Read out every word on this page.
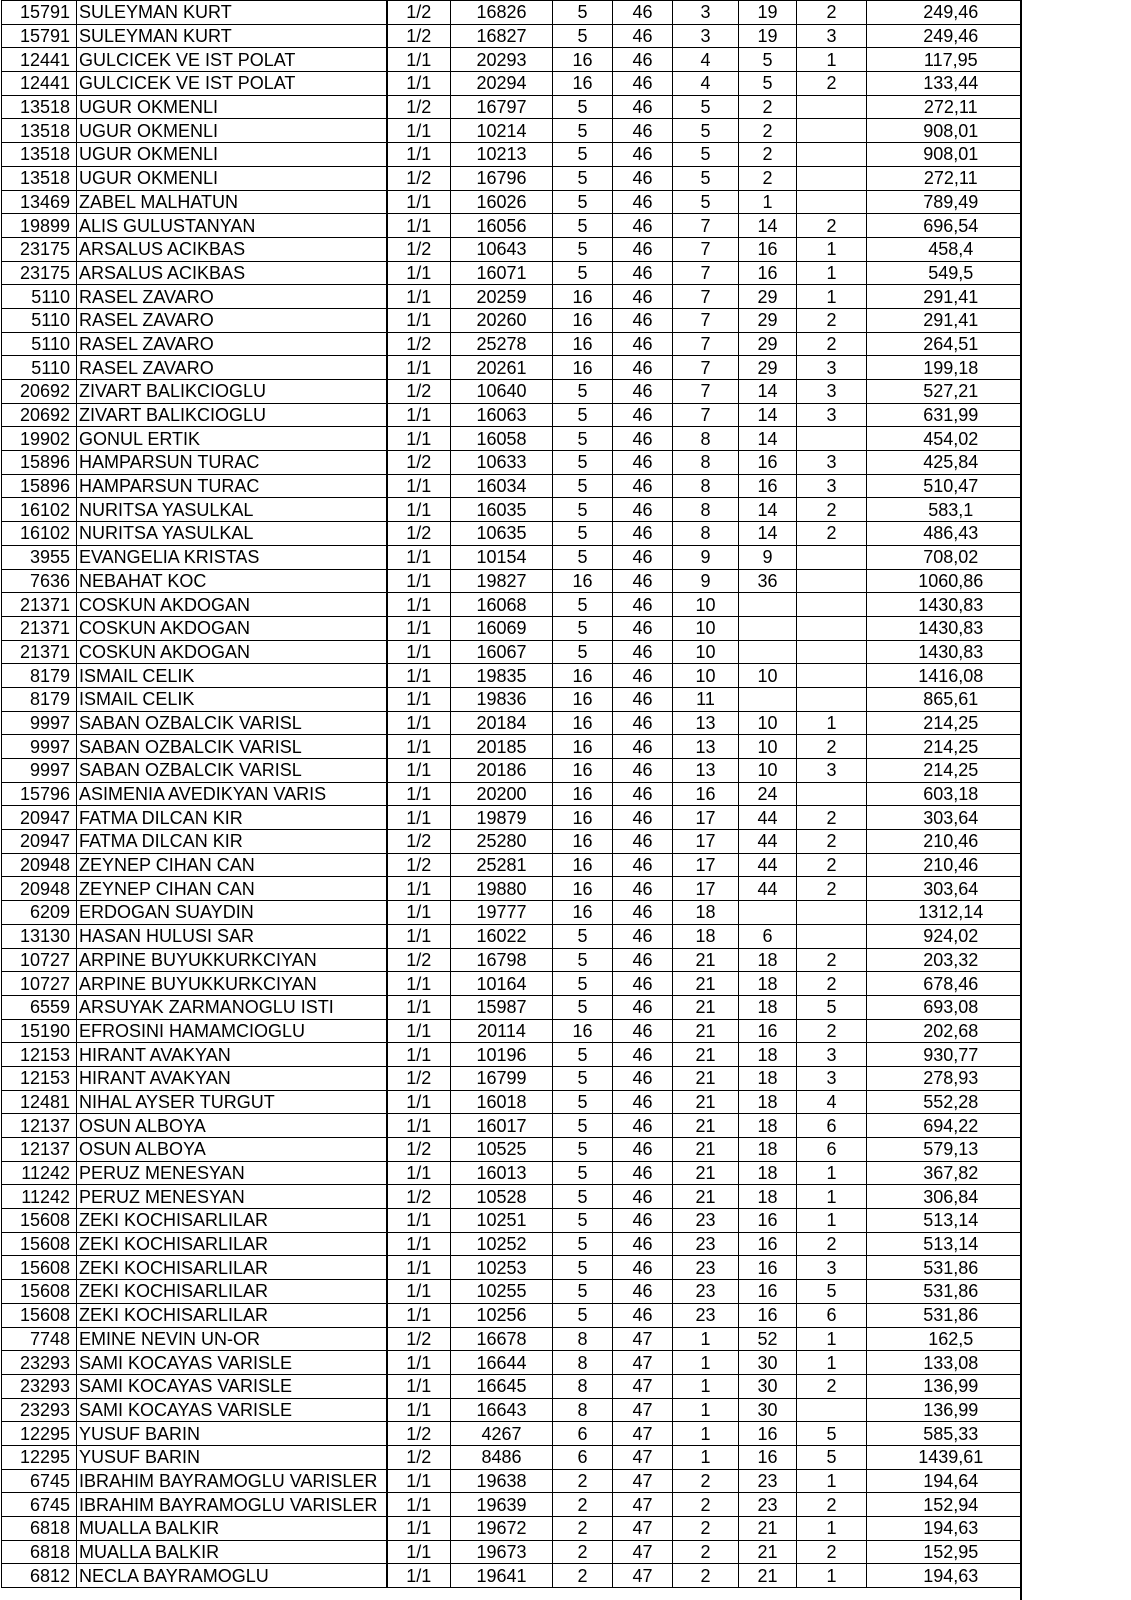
15791	SULEYMAN KURT	1/2	16826	5	46	3	19	2	249,46
15791	SULEYMAN KURT	1/2	16827	5	46	3	19	3	249,46
12441	GULCICEK VE IST POLAT	1/1	20293	16	46	4	5	1	117,95
12441	GULCICEK VE IST POLAT	1/1	20294	16	46	4	5	2	133,44
13518	UGUR OKMENLI	1/2	16797	5	46	5	2		272,11
13518	UGUR OKMENLI	1/1	10214	5	46	5	2		908,01
13518	UGUR OKMENLI	1/1	10213	5	46	5	2		908,01
13518	UGUR OKMENLI	1/2	16796	5	46	5	2		272,11
13469	ZABEL MALHATUN	1/1	16026	5	46	5	1		789,49
19899	ALIS GULUSTANYAN	1/1	16056	5	46	7	14	2	696,54
23175	ARSALUS ACIKBAS	1/2	10643	5	46	7	16	1	458,4
23175	ARSALUS ACIKBAS	1/1	16071	5	46	7	16	1	549,5
5110	RASEL ZAVARO	1/1	20259	16	46	7	29	1	291,41
5110	RASEL ZAVARO	1/1	20260	16	46	7	29	2	291,41
5110	RASEL ZAVARO	1/2	25278	16	46	7	29	2	264,51
5110	RASEL ZAVARO	1/1	20261	16	46	7	29	3	199,18
20692	ZIVART BALIKCIOGLU	1/2	10640	5	46	7	14	3	527,21
20692	ZIVART BALIKCIOGLU	1/1	16063	5	46	7	14	3	631,99
19902	GONUL ERTIK	1/1	16058	5	46	8	14		454,02
15896	HAMPARSUN TURAC	1/2	10633	5	46	8	16	3	425,84
15896	HAMPARSUN TURAC	1/1	16034	5	46	8	16	3	510,47
16102	NURITSA YASULKAL	1/1	16035	5	46	8	14	2	583,1
16102	NURITSA YASULKAL	1/2	10635	5	46	8	14	2	486,43
3955	EVANGELIA KRISTAS	1/1	10154	5	46	9	9		708,02
7636	NEBAHAT KOC	1/1	19827	16	46	9	36		1060,86
21371	COSKUN AKDOGAN	1/1	16068	5	46	10			1430,83
21371	COSKUN AKDOGAN	1/1	16069	5	46	10			1430,83
21371	COSKUN AKDOGAN	1/1	16067	5	46	10			1430,83
8179	ISMAIL CELIK	1/1	19835	16	46	10	10		1416,08
8179	ISMAIL CELIK	1/1	19836	16	46	11			865,61
9997	SABAN OZBALCIK VARISL	1/1	20184	16	46	13	10	1	214,25
9997	SABAN OZBALCIK VARISL	1/1	20185	16	46	13	10	2	214,25
9997	SABAN OZBALCIK VARISL	1/1	20186	16	46	13	10	3	214,25
15796	ASIMENIA AVEDIKYAN VARIS	1/1	20200	16	46	16	24		603,18
20947	FATMA DILCAN KIR	1/1	19879	16	46	17	44	2	303,64
20947	FATMA DILCAN KIR	1/2	25280	16	46	17	44	2	210,46
20948	ZEYNEP CIHAN CAN	1/2	25281	16	46	17	44	2	210,46
20948	ZEYNEP CIHAN CAN	1/1	19880	16	46	17	44	2	303,64
6209	ERDOGAN SUAYDIN	1/1	19777	16	46	18			1312,14
13130	HASAN HULUSI SAR	1/1	16022	5	46	18	6		924,02
10727	ARPINE BUYUKKURKCIYAN	1/2	16798	5	46	21	18	2	203,32
10727	ARPINE BUYUKKURKCIYAN	1/1	10164	5	46	21	18	2	678,46
6559	ARSUYAK ZARMANOGLU ISTI	1/1	15987	5	46	21	18	5	693,08
15190	EFROSINI HAMAMCIOGLU	1/1	20114	16	46	21	16	2	202,68
12153	HIRANT AVAKYAN	1/1	10196	5	46	21	18	3	930,77
12153	HIRANT AVAKYAN	1/2	16799	5	46	21	18	3	278,93
12481	NIHAL AYSER TURGUT	1/1	16018	5	46	21	18	4	552,28
12137	OSUN ALBOYA	1/1	16017	5	46	21	18	6	694,22
12137	OSUN ALBOYA	1/2	10525	5	46	21	18	6	579,13
11242	PERUZ MENESYAN	1/1	16013	5	46	21	18	1	367,82
11242	PERUZ MENESYAN	1/2	10528	5	46	21	18	1	306,84
15608	ZEKI KOCHISARLILAR	1/1	10251	5	46	23	16	1	513,14
15608	ZEKI KOCHISARLILAR	1/1	10252	5	46	23	16	2	513,14
15608	ZEKI KOCHISARLILAR	1/1	10253	5	46	23	16	3	531,86
15608	ZEKI KOCHISARLILAR	1/1	10255	5	46	23	16	5	531,86
15608	ZEKI KOCHISARLILAR	1/1	10256	5	46	23	16	6	531,86
7748	EMINE NEVIN UN-OR	1/2	16678	8	47	1	52	1	162,5
23293	SAMI KOCAYAS VARISLE	1/1	16644	8	47	1	30	1	133,08
23293	SAMI KOCAYAS VARISLE	1/1	16645	8	47	1	30	2	136,99
23293	SAMI KOCAYAS VARISLE	1/1	16643	8	47	1	30		136,99
12295	YUSUF BARIN	1/2	4267	6	47	1	16	5	585,33
12295	YUSUF BARIN	1/2	8486	6	47	1	16	5	1439,61
6745	IBRAHIM BAYRAMOGLU VARISLER	1/1	19638	2	47	2	23	1	194,64
6745	IBRAHIM BAYRAMOGLU VARISLER	1/1	19639	2	47	2	23	2	152,94
6818	MUALLA BALKIR	1/1	19672	2	47	2	21	1	194,63
6818	MUALLA BALKIR	1/1	19673	2	47	2	21	2	152,95
6812	NECLA BAYRAMOGLU	1/1	19641	2	47	2	21	1	194,63
